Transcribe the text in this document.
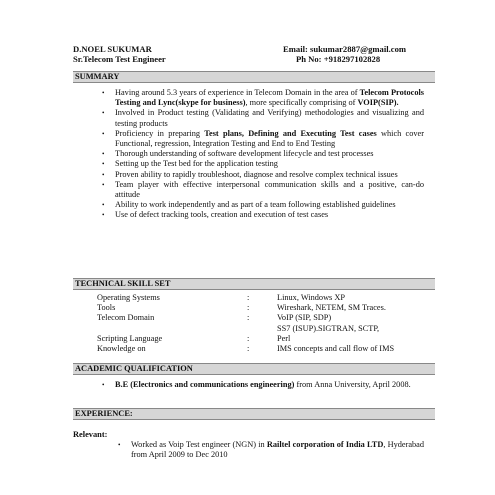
D.NOEL SUKUMAR	Email: sukumar2887@gmail.com
Sr.Telecom Test Engineer	Ph No: +918297102828
SUMMARY
• Having around 5.3 years of experience in Telecom Domain in the area of Telecom Protocols Testing and Lync(skype for business), more specifically comprising of VOIP(SIP).
• Involved in Product testing (Validating and Verifying) methodologies and visualizing and testing products
• Proficiency in preparing Test plans, Defining and Executing Test cases which cover Functional, regression, Integration Testing and End to End Testing
• Thorough understanding of software development lifecycle and test processes
• Setting up the Test bed for the application testing
• Proven ability to rapidly troubleshoot, diagnose and resolve complex technical issues
• Team player with effective interpersonal communication skills and a positive, can-do attitude
• Ability to work independently and as part of a team following established guidelines
• Use of defect tracking tools, creation and execution of test cases
TECHNICAL SKILL SET
Operating Systems	:	Linux, Windows XP
Tools	:	Wireshark, NETEM, SM Traces.
Telecom Domain	:	VoIP (SIP, SDP)
SS7 (ISUP).SIGTRAN, SCTP,
Scripting Language	:	Perl
Knowledge on	:	IMS concepts and call flow of IMS
ACADEMIC QUALIFICATION
• B.E (Electronics and communications engineering) from Anna University, April 2008.
EXPERIENCE:
Relevant:
• Worked as Voip Test engineer (NGN) in Railtel corporation of India LTD, Hyderabad from April 2009 to Dec 2010
